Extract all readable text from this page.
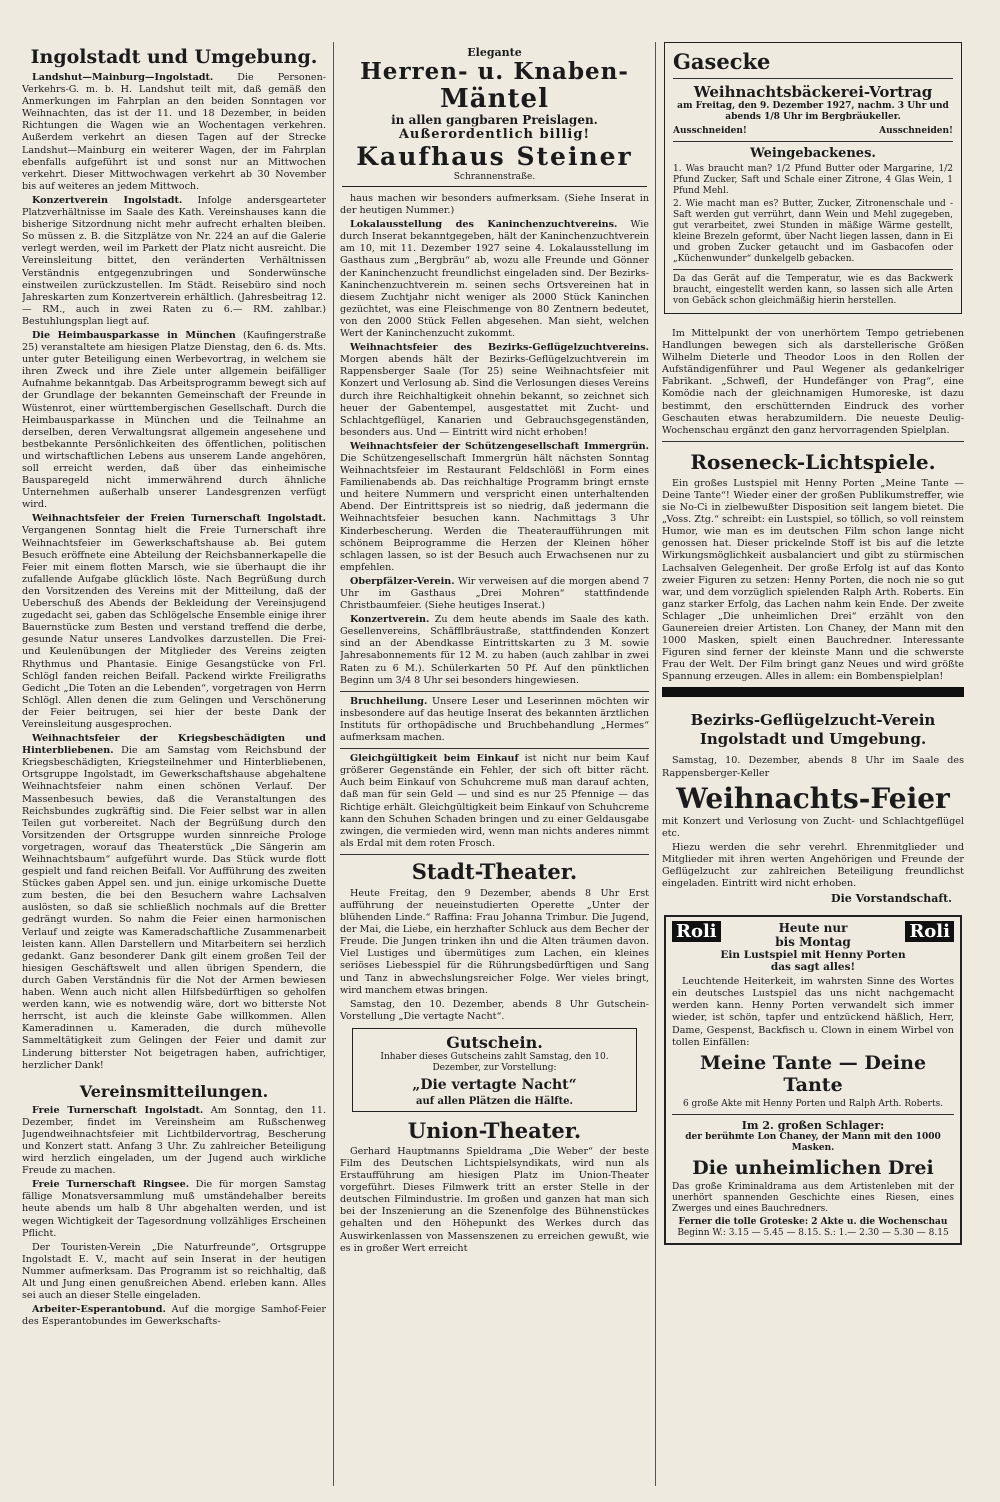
Ingolstadt und Umgebung.

Landshut—Mainburg—Ingolstadt. Die Personen-Verkehrs-G. m. b. H. Landshut teilt mit, daß gemäß den Anmerkungen im Fahrplan an den beiden Sonntagen vor Weihnachten, das ist der 11. und 18 Dezember, in beiden Richtungen die Wagen wie an Wochentagen verkehren. Außerdem verkehrt an diesen Tagen auf der Strecke Landshut—Mainburg ein weiterer Wagen, der im Fahrplan ebenfalls aufgeführt ist und sonst nur an Mittwochen verkehrt. Dieser Mittwochwagen verkehrt ab 30 November bis auf weiteres an jedem Mittwoch.

Konzertverein Ingolstadt. Infolge andersgearteter Platzverhältnisse im Saale des Kath. Vereinshauses kann die bisherige Sitzordnung nicht mehr aufrecht erhalten bleiben. So müssen z. B. die Sitzplätze von Nr. 224 an auf die Galerie verlegt werden, weil im Parkett der Platz nicht ausreicht. Die Vereinsleitung bittet, den veränderten Verhältnissen Verständnis entgegenzubringen und Sonderwünsche einstweilen zurückzustellen. Im Städt. Reisebüro sind noch Jahreskarten zum Konzertverein erhältlich. (Jahresbeitrag 12.— RM., auch in zwei Raten zu 6.— RM. zahlbar.) Bestuhlungsplan liegt auf.

Die Heimbausparkasse in München (Kaufingerstraße 25) veranstaltete am hiesigen Platze Dienstag, den 6. ds. Mts. unter guter Beteiligung einen Werbevortrag, in welchem sie ihren Zweck und ihre Ziele unter allgemein beifälliger Aufnahme bekanntgab. Das Arbeitsprogramm bewegt sich auf der Grundlage der bekannten Gemeinschaft der Freunde in Wüstenrot, einer württembergischen Gesellschaft. Durch die Heimbausparkasse in München und die Teilnahme an derselben, deren Verwaltungsrat allgemein angesehene und bestbekannte Persönlichkeiten des öffentlichen, politischen und wirtschaftlichen Lebens aus unserem Lande angehören, soll erreicht werden, daß über das einheimische Bausparegeld nicht immerwährend durch ähnliche Unternehmen außerhalb unserer Landesgrenzen verfügt wird.

Weihnachtsfeier der Freien Turnerschaft Ingolstadt. Vergangenen Sonntag hielt die Freie Turnerschaft ihre Weihnachtsfeier im Gewerkschaftshause ab. Bei gutem Besuch eröffnete eine Abteilung der Reichsbannerkapelle die Feier mit einem flotten Marsch, wie sie überhaupt die ihr zufallende Aufgabe glücklich löste. Nach Begrüßung durch den Vorsitzenden des Vereins mit der Mitteilung, daß der Ueberschuß des Abends der Bekleidung der Vereinsjugend zugedacht sei, gaben das Schlögelsche Ensemble einige ihrer Bauernstücke zum Besten und verstand treffend die derbe, gesunde Natur unseres Landvolkes darzustellen. Die Frei- und Keulenübungen der Mitglieder des Vereins zeigten Rhythmus und Phantasie. Einige Gesangstücke von Frl. Schlögl fanden reichen Beifall. Packend wirkte Freiligraths Gedicht „Die Toten an die Lebenden“, vorgetragen von Herrn Schlögl. Allen denen die zum Gelingen und Verschönerung der Feier beitrugen, sei hier der beste Dank der Vereinsleitung ausgesprochen.

Weihnachtsfeier der Kriegsbeschädigten und Hinterbliebenen. Die am Samstag vom Reichsbund der Kriegsbeschädigten, Kriegsteilnehmer und Hinterbliebenen, Ortsgruppe Ingolstadt, im Gewerkschaftshause abgehaltene Weihnachtsfeier nahm einen schönen Verlauf. Der Massenbesuch bewies, daß die Veranstaltungen des Reichsbundes zugkräftig sind. Die Feier selbst war in allen Teilen gut vorbereitet. Nach der Begrüßung durch den Vorsitzenden der Ortsgruppe wurden sinnreiche Prologe vorgetragen, worauf das Theaterstück „Die Sängerin am Weihnachtsbaum“ aufgeführt wurde. Das Stück wurde flott gespielt und fand reichen Beifall. Vor Aufführung des zweiten Stückes gaben Appel sen. und jun. einige urkomische Duette zum besten, die bei den Besuchern wahre Lachsalven auslösten, so daß sie schließlich nochmals auf die Bretter gedrängt wurden. So nahm die Feier einen harmonischen Verlauf und zeigte was Kameradschaftliche Zusammenarbeit leisten kann. Allen Darstellern und Mitarbeitern sei herzlich gedankt. Ganz besonderer Dank gilt einem großen Teil der hiesigen Geschäftswelt und allen übrigen Spendern, die durch Gaben Verständnis für die Not der Armen bewiesen haben. Wenn auch nicht allen Hilfsbedürftigen so geholfen werden kann, wie es notwendig wäre, dort wo bitterste Not herrscht, ist auch die kleinste Gabe willkommen. Allen Kameradinnen u. Kameraden, die durch mühevolle Sammeltätigkeit zum Gelingen der Feier und damit zur Linderung bitterster Not beigetragen haben, aufrichtiger, herzlicher Dank!

Vereinsmitteilungen.

Freie Turnerschaft Ingolstadt. Am Sonntag, den 11. Dezember, findet im Vereinsheim am Rußschenweg Jugendweihnachtsfeier mit Lichtbildervortrag, Bescherung und Konzert statt. Anfang 3 Uhr. Zu zahlreicher Beteiligung wird herzlich eingeladen, um der Jugend auch wirkliche Freude zu machen.

Freie Turnerschaft Ringsee. Die für morgen Samstag fällige Monatsversammlung muß umständehalber bereits heute abends um halb 8 Uhr abgehalten werden, und ist wegen Wichtigkeit der Tagesordnung vollzähliges Erscheinen Pflicht.

Der Touristen-Verein „Die Naturfreunde“, Ortsgruppe Ingolstadt E. V., macht auf sein Inserat in der heutigen Nummer aufmerksam. Das Programm ist so reichhaltig, daß Alt und Jung einen genußreichen Abend. erleben kann. Alles sei auch an dieser Stelle eingeladen.

Arbeiter-Esperantobund. Auf die morgige Samhof-Feier des Esperantobundes im Gewerkschafts-

Elegante
Herren- u. Knaben-
Mäntel
in allen gangbaren Preislagen.
Außerordentlich billig!
Kaufhaus Steiner
Schrannenstraße.

haus machen wir besonders aufmerksam. (Siehe Inserat in der heutigen Nummer.)

Lokalausstellung des Kaninchenzuchtvereins. Wie durch Inserat bekanntgegeben, hält der Kaninchenzuchtverein am 10, mit 11. Dezember 1927 seine 4. Lokalausstellung im Gasthaus zum „Bergbräu“ ab, wozu alle Freunde und Gönner der Kaninchenzucht freundlichst eingeladen sind. Der Bezirks-Kaninchenzuchtverein m. seinen sechs Ortsvereinen hat in diesem Zuchtjahr nicht weniger als 2000 Stück Kaninchen gezüchtet, was eine Fleischmenge von 80 Zentnern bedeutet, von den 2000 Stück Fellen abgesehen. Man sieht, welchen Wert der Kaninchenzucht zukommt.

Weihnachtsfeier des Bezirks-Geflügelzuchtvereins. Morgen abends hält der Bezirks-Geflügelzuchtverein im Rappensberger Saale (Tor 25) seine Weihnachtsfeier mit Konzert und Verlosung ab. Sind die Verlosungen dieses Vereins durch ihre Reichhaltigkeit ohnehin bekannt, so zeichnet sich heuer der Gabentempel, ausgestattet mit Zucht- und Schlachtgeflügel, Kanarien und Gebrauchsgegenständen, besonders aus. Und — Eintritt wird nicht erhoben!

Weihnachtsfeier der Schützengesellschaft Immergrün. Die Schützengesellschaft Immergrün hält nächsten Sonntag Weihnachtsfeier im Restaurant Feldschlößl in Form eines Familienabends ab. Das reichhaltige Programm bringt ernste und heitere Nummern und verspricht einen unterhaltenden Abend. Der Eintrittspreis ist so niedrig, daß jedermann die Weihnachtsfeier besuchen kann. Nachmittags 3 Uhr Kinderbescherung. Werden die Theateraufführungen mit schönem Beiprogramme die Herzen der Kleinen höher schlagen lassen, so ist der Besuch auch Erwachsenen nur zu empfehlen.

Oberpfälzer-Verein. Wir verweisen auf die morgen abend 7 Uhr im Gasthaus „Drei Mohren“ stattfindende Christbaumfeier. (Siehe heutiges Inserat.)

Konzertverein. Zu dem heute abends im Saale des kath. Gesellenvereins, Schäfflbräustraße, stattfindenden Konzert sind an der Abendkasse Eintrittskarten zu 3 M. sowie Jahresabonnements für 12 M. zu haben (auch zahlbar in zwei Raten zu 6 M.). Schülerkarten 50 Pf. Auf den pünktlichen Beginn um 3/4 8 Uhr sei besonders hingewiesen.

Bruchheilung. Unsere Leser und Leserinnen möchten wir insbesondere auf das heutige Inserat des bekannten ärztlichen Instituts für orthopädische und Bruchbehandlung „Hermes“ aufmerksam machen.

Gleichgültigkeit beim Einkauf ist nicht nur beim Kauf größerer Gegenstände ein Fehler, der sich oft bitter rächt. Auch beim Einkauf von Schuhcreme muß man darauf achten, daß man für sein Geld — und sind es nur 25 Pfennige — das Richtige erhält. Gleichgültigkeit beim Einkauf von Schuhcreme kann den Schuhen Schaden bringen und zu einer Geldausgabe zwingen, die vermieden wird, wenn man nichts anderes nimmt als Erdal mit dem roten Frosch.

Stadt-Theater.

Heute Freitag, den 9 Dezember, abends 8 Uhr Erst aufführung der neueinstudierten Operette „Unter der blühenden Linde.“ Raffina: Frau Johanna Trimbur. Die Jugend, der Mai, die Liebe, ein herzhafter Schluck aus dem Becher der Freude. Die Jungen trinken ihn und die Alten träumen davon. Viel Lustiges und übermütiges zum Lachen, ein kleines seriöses Liebesspiel für die Rührungsbedürftigen und Sang und Tanz in abwechslungsreicher Folge. Wer vieles bringt, wird manchem etwas bringen.

Samstag, den 10. Dezember, abends 8 Uhr Gutschein-Vorstellung „Die vertagte Nacht“.

Gutschein.
Inhaber dieses Gutscheins zahlt Samstag, den 10. Dezember, zur Vorstellung:
„Die vertagte Nacht“
auf allen Plätzen die Hälfte.
Union-Theater.

Gerhard Hauptmanns Spieldrama „Die Weber“ der beste Film des Deutschen Lichtspielsyndikats, wird nun als Erstaufführung am hiesigen Platz im Union-Theater vorgeführt. Dieses Filmwerk tritt an erster Stelle in der deutschen Filmindustrie. Im großen und ganzen hat man sich bei der Inszenierung an die Szenenfolge des Bühnenstückes gehalten und den Höhepunkt des Werkes durch das Auswirkenlassen von Massenszenen zu erreichen gewußt, wie es in großer Wert erreicht

Gasecke
Weihnachtsbäckerei-Vortrag
am Freitag, den 9. Dezember 1927, nachm. 3 Uhr und abends 1/8 Uhr im Bergbräukeller.
Ausschneiden!	Ausschneiden!
Weingebackenes.

1. Was braucht man? 1/2 Pfund Butter oder Margarine, 1/2 Pfund Zucker, Saft und Schale einer Zitrone, 4 Glas Wein, 1 Pfund Mehl.

2. Wie macht man es? Butter, Zucker, Zitronenschale und -Saft werden gut verrührt, dann Wein und Mehl zugegeben, gut verarbeitet, zwei Stunden in mäßige Wärme gestellt, kleine Brezeln geformt, über Nacht liegen lassen, dann in Ei und groben Zucker getaucht und im Gasbacofen oder „Küchenwunder“ dunkelgelb gebacken.

Da das Gerät auf die Temperatur, wie es das Backwerk braucht, eingestellt werden kann, so lassen sich alle Arten von Gebäck schon gleichmäßig hierin herstellen.

Im Mittelpunkt der von unerhörtem Tempo getriebenen Handlungen bewegen sich als darstellerische Größen Wilhelm Dieterle und Theodor Loos in den Rollen der Aufständigenführer und Paul Wegener als gedankelriger Fabrikant. „Schwefl, der Hundefänger von Prag“, eine Komödie nach der gleichnamigen Humoreske, ist dazu bestimmt, den erschütternden Eindruck des vorher Geschauten etwas herabzumildern. Die neueste Deulig-Wochenschau ergänzt den ganz hervorragenden Spielplan.

Roseneck-Lichtspiele.

Ein großes Lustspiel mit Henny Porten „Meine Tante — Deine Tante“! Wieder einer der großen Publikumstreffer, wie sie No-Ci in zielbewußter Disposition seit langem bietet. Die „Voss. Ztg.“ schreibt: ein Lustspiel, so töllich, so voll reinstem Humor, wie man es im deutschen Film schon lange nicht genossen hat. Dieser prickelnde Stoff ist bis auf die letzte Wirkungsmöglichkeit ausbalanciert und gibt zu stürmischen Lachsalven Gelegenheit. Der große Erfolg ist auf das Konto zweier Figuren zu setzen: Henny Porten, die noch nie so gut war, und dem vorzüglich spielenden Ralph Arth. Roberts. Ein ganz starker Erfolg, das Lachen nahm kein Ende. Der zweite Schlager „Die unheimlichen Drei“ erzählt von den Gaunereien dreier Artisten. Lon Chaney, der Mann mit den 1000 Masken, spielt einen Bauchredner. Interessante Figuren sind ferner der kleinste Mann und die schwerste Frau der Welt. Der Film bringt ganz Neues und wird größte Spannung erzeugen. Alles in allem: ein Bombenspielplan!

Bezirks-Geflügelzucht-Verein Ingolstadt und Umgebung.

Samstag, 10. Dezember, abends 8 Uhr im Saale des Rappensberger-Keller

Weihnachts-Feier

mit Konzert und Verlosung von Zucht- und Schlachtgeflügel etc.

Hiezu werden die sehr verehrl. Ehrenmitglieder und Mitglieder mit ihren werten Angehörigen und Freunde der Geflügelzucht zur zahlreichen Beteiligung freundlichst eingeladen. Eintritt wird nicht erhoben.

Die Vorstandschaft.
Roli	Heute nur
bis Montag	Roli
Ein Lustspiel mit Henny Porten
das sagt alles!

Leuchtende Heiterkeit, im wahrsten Sinne des Wortes ein deutsches Lustspiel das uns nicht nachgemacht werden kann. Henny Porten verwandelt sich immer wieder, ist schön, tapfer und entzückend häßlich, Herr, Dame, Gespenst, Backfisch u. Clown in einem Wirbel von tollen Einfällen:

Meine Tante — Deine Tante
6 große Akte mit Henny Porten und Ralph Arth. Roberts.
Im 2. großen Schlager:
der berühmte Lon Chaney, der Mann mit den 1000 Masken.
Die unheimlichen Drei

Das große Kriminaldrama aus dem Artistenleben mit der unerhört spannenden Geschichte eines Riesen, eines Zwerges und eines Bauchredners.

Ferner die tolle Groteske: 2 Akte u. die Wochenschau
Beginn W.: 3.15 — 5.45 — 8.15. S.: 1.— 2.30 — 5.30 — 8.15
